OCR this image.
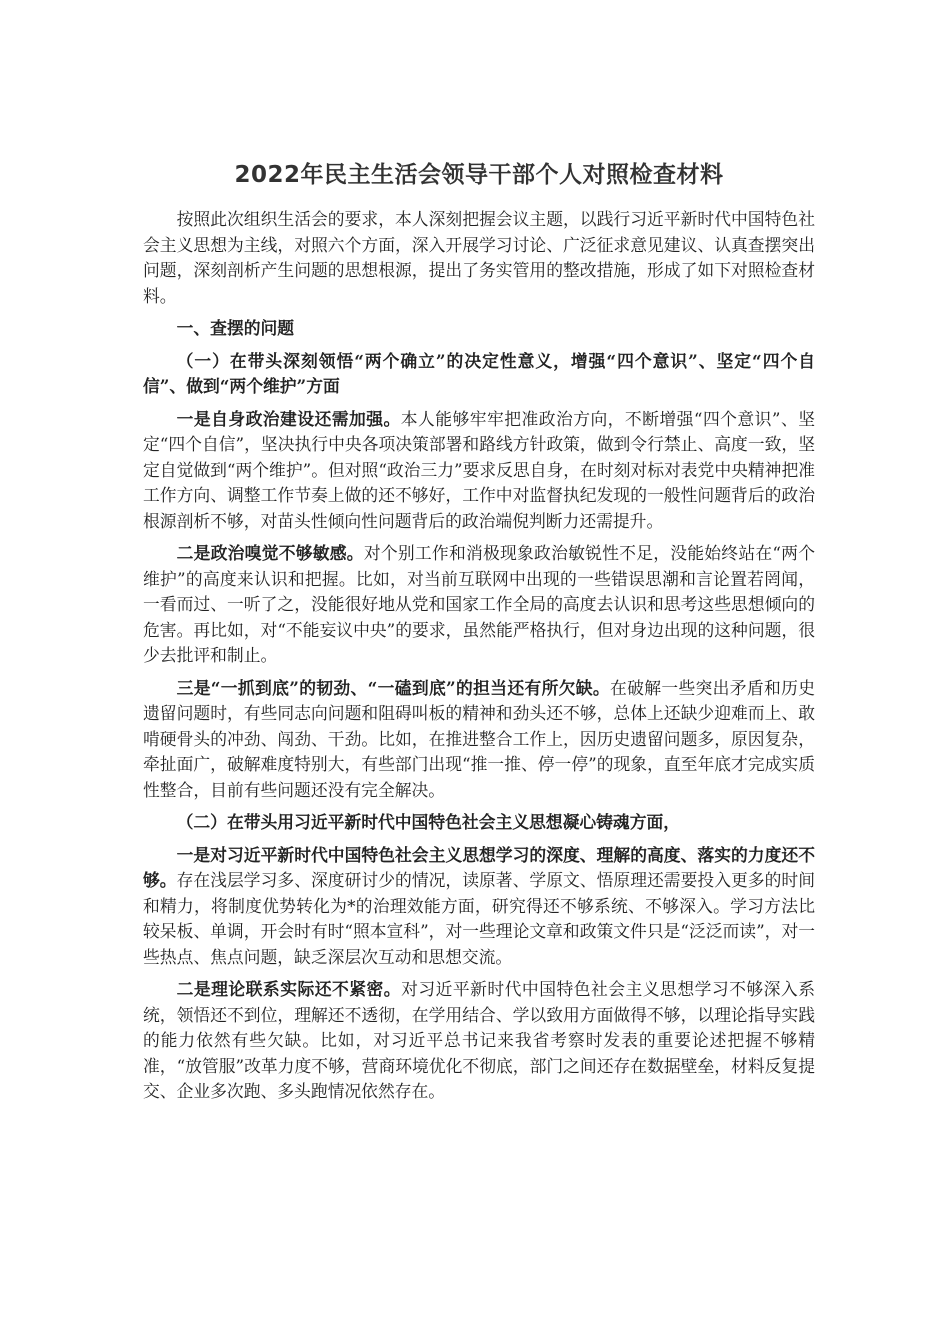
2022年民主生活会领导干部个人对照检查材料

按照此次组织生活会的要求，本人深刻把握会议主题，以践行习近平新时代中国特色社会主义思想为主线，对照六个方面，深入开展学习讨论、广泛征求意见建议、认真查摆突出问题，深刻剖析产生问题的思想根源，提出了务实管用的整改措施，形成了如下对照检查材料。

一、查摆的问题

（一）在带头深刻领悟“两个确立”的决定性意义，增强“四个意识”、坚定“四个自信”、做到“两个维护”方面

一是自身政治建设还需加强。本人能够牢牢把准政治方向，不断增强“四个意识”、坚定“四个自信”，坚决执行中央各项决策部署和路线方针政策，做到令行禁止、高度一致，坚定自觉做到“两个维护”。但对照“政治三力”要求反思自身，在时刻对标对表党中央精神把准工作方向、调整工作节奏上做的还不够好，工作中对监督执纪发现的一般性问题背后的政治根源剖析不够，对苗头性倾向性问题背后的政治端倪判断力还需提升。

二是政治嗅觉不够敏感。对个别工作和消极现象政治敏锐性不足，没能始终站在“两个维护”的高度来认识和把握。比如，对当前互联网中出现的一些错误思潮和言论置若罔闻，一看而过、一听了之，没能很好地从党和国家工作全局的高度去认识和思考这些思想倾向的危害。再比如，对“不能妄议中央”的要求，虽然能严格执行，但对身边出现的这种问题，很少去批评和制止。

三是“一抓到底”的韧劲、“一磕到底”的担当还有所欠缺。在破解一些突出矛盾和历史遗留问题时，有些同志向问题和阻碍叫板的精神和劲头还不够，总体上还缺少迎难而上、敢啃硬骨头的冲劲、闯劲、干劲。比如，在推进整合工作上，因历史遗留问题多，原因复杂，牵扯面广，破解难度特别大，有些部门出现“推一推、停一停”的现象，直至年底才完成实质性整合，目前有些问题还没有完全解决。

（二）在带头用习近平新时代中国特色社会主义思想凝心铸魂方面，

一是对习近平新时代中国特色社会主义思想学习的深度、理解的高度、落实的力度还不够。存在浅层学习多、深度研讨少的情况，读原著、学原文、悟原理还需要投入更多的时间和精力，将制度优势转化为*的治理效能方面，研究得还不够系统、不够深入。学习方法比较呆板、单调，开会时有时“照本宣科”，对一些理论文章和政策文件只是“泛泛而读”，对一些热点、焦点问题，缺乏深层次互动和思想交流。

二是理论联系实际还不紧密。对习近平新时代中国特色社会主义思想学习不够深入系统，领悟还不到位，理解还不透彻，在学用结合、学以致用方面做得不够，以理论指导实践的能力依然有些欠缺。比如，对习近平总书记来我省考察时发表的重要论述把握不够精准，“放管服”改革力度不够，营商环境优化不彻底，部门之间还存在数据壁垒，材料反复提交、企业多次跑、多头跑情况依然存在。
